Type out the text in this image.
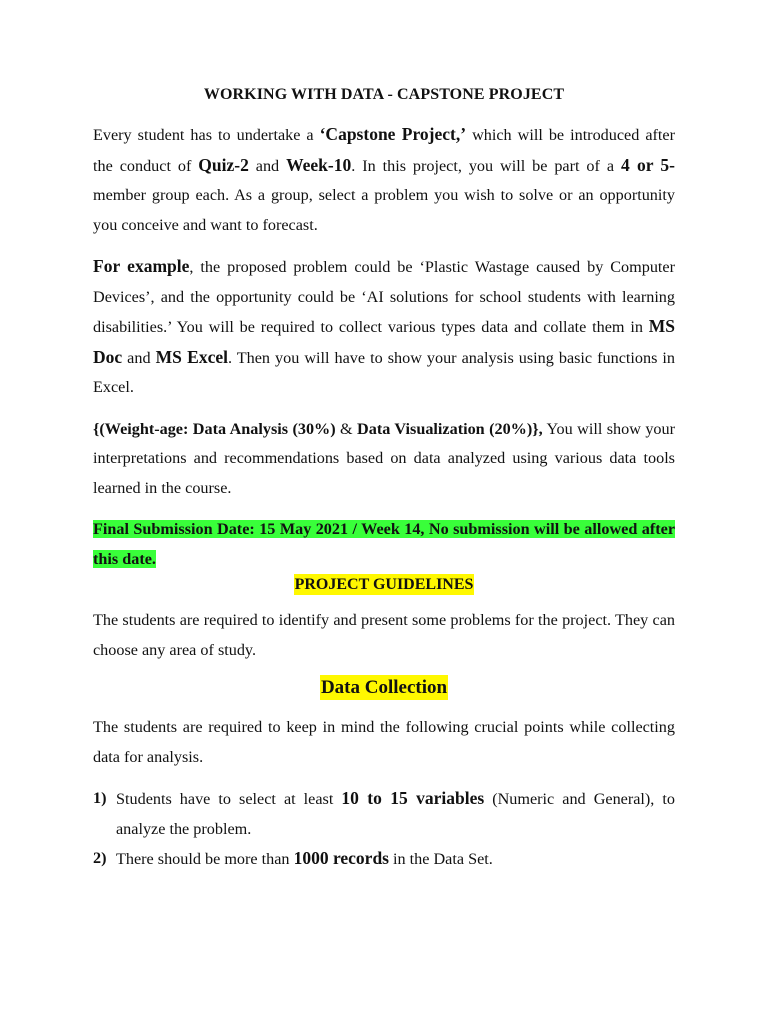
WORKING WITH DATA - CAPSTONE PROJECT

Every student has to undertake a ‘Capstone Project,’ which will be introduced after the conduct of Quiz-2 and Week-10. In this project, you will be part of a 4 or 5-member group each. As a group, select a problem you wish to solve or an opportunity you conceive and want to forecast.

For example, the proposed problem could be ‘Plastic Wastage caused by Computer Devices’, and the opportunity could be ‘AI solutions for school students with learning disabilities.’ You will be required to collect various types data and collate them in MS Doc and MS Excel. Then you will have to show your analysis using basic functions in Excel.

{(Weight-age: Data Analysis (30%) & Data Visualization (20%)}, You will show your interpretations and recommendations based on data analyzed using various data tools learned in the course.

Final Submission Date: 15 May 2021 / Week 14, No submission will be allowed after this date.

PROJECT GUIDELINES

The students are required to identify and present some problems for the project. They can choose any area of study.

Data Collection

The students are required to keep in mind the following crucial points while collecting data for analysis.

1) Students have to select at least 10 to 15 variables (Numeric and General), to analyze the problem.
2) There should be more than 1000 records in the Data Set.
